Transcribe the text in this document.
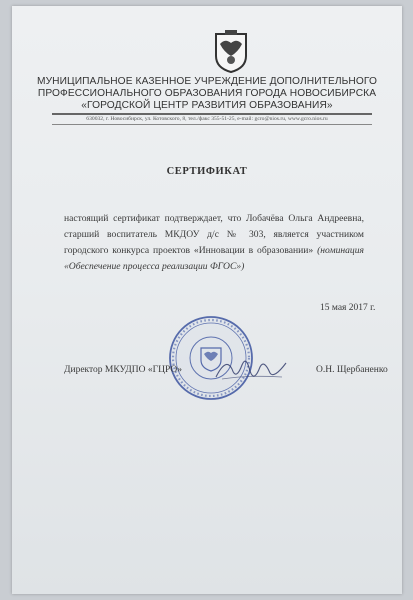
МУНИЦИПАЛЬНОЕ КАЗЕННОЕ УЧРЕЖДЕНИЕ ДОПОЛНИТЕЛЬНОГО
ПРОФЕССИОНАЛЬНОГО ОБРАЗОВАНИЯ ГОРОДА НОВОСИБИРСКА
«ГОРОДСКОЙ ЦЕНТР РАЗВИТИЯ ОБРАЗОВАНИЯ»
630032, г. Новосибирск, ул. Котовского, 8, тел./факс 355-51-25, e-mail: gcro@nios.ru, www.gcro.nios.ru
СЕРТИФИКАТ
настоящий сертификат подтверждает, что Лобачёва Ольга Андреевна, старший воспитатель МКДОУ д/с № 303, является участником городского конкурса проектов «Инновации в образовании» (номинация «Обеспечение процесса реализации ФГОС»)
15 мая 2017 г.
Директор МКУДПО «ГЦРО»	О.Н. Щербаненко
